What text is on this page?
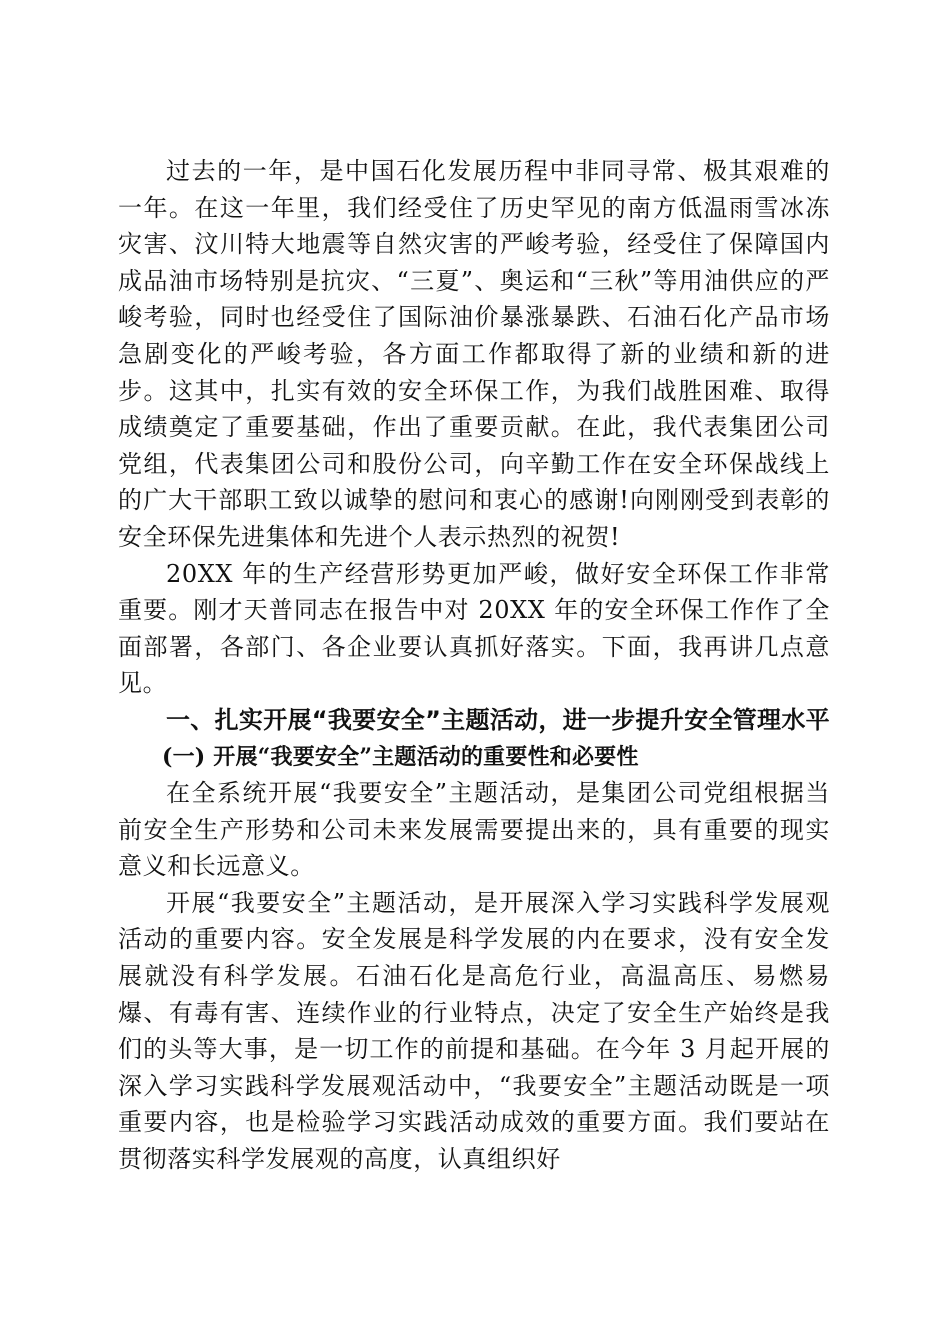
过去的一年，是中国石化发展历程中非同寻常、极其艰难的一年。在这一年里，我们经受住了历史罕见的南方低温雨雪冰冻灾害、汶川特大地震等自然灾害的严峻考验，经受住了保障国内成品油市场特别是抗灾、“三夏”、奥运和“三秋”等用油供应的严峻考验，同时也经受住了国际油价暴涨暴跌、石油石化产品市场急剧变化的严峻考验，各方面工作都取得了新的业绩和新的进步。这其中，扎实有效的安全环保工作，为我们战胜困难、取得成绩奠定了重要基础，作出了重要贡献。在此，我代表集团公司党组，代表集团公司和股份公司，向辛勤工作在安全环保战线上的广大干部职工致以诚挚的慰问和衷心的感谢!向刚刚受到表彰的安全环保先进集体和先进个人表示热烈的祝贺!

20XX 年的生产经营形势更加严峻，做好安全环保工作非常重要。刚才天普同志在报告中对 20XX 年的安全环保工作作了全面部署，各部门、各企业要认真抓好落实。下面，我再讲几点意见。

一、扎实开展“我要安全”主题活动，进一步提升安全管理水平

(一) 开展“我要安全”主题活动的重要性和必要性

在全系统开展“我要安全”主题活动，是集团公司党组根据当前安全生产形势和公司未来发展需要提出来的，具有重要的现实意义和长远意义。

开展“我要安全”主题活动，是开展深入学习实践科学发展观活动的重要内容。安全发展是科学发展的内在要求，没有安全发展就没有科学发展。石油石化是高危行业，高温高压、易燃易爆、有毒有害、连续作业的行业特点，决定了安全生产始终是我们的头等大事，是一切工作的前提和基础。在今年 3 月起开展的深入学习实践科学发展观活动中，“我要安全”主题活动既是一项重要内容，也是检验学习实践活动成效的重要方面。我们要站在贯彻落实科学发展观的高度，认真组织好
